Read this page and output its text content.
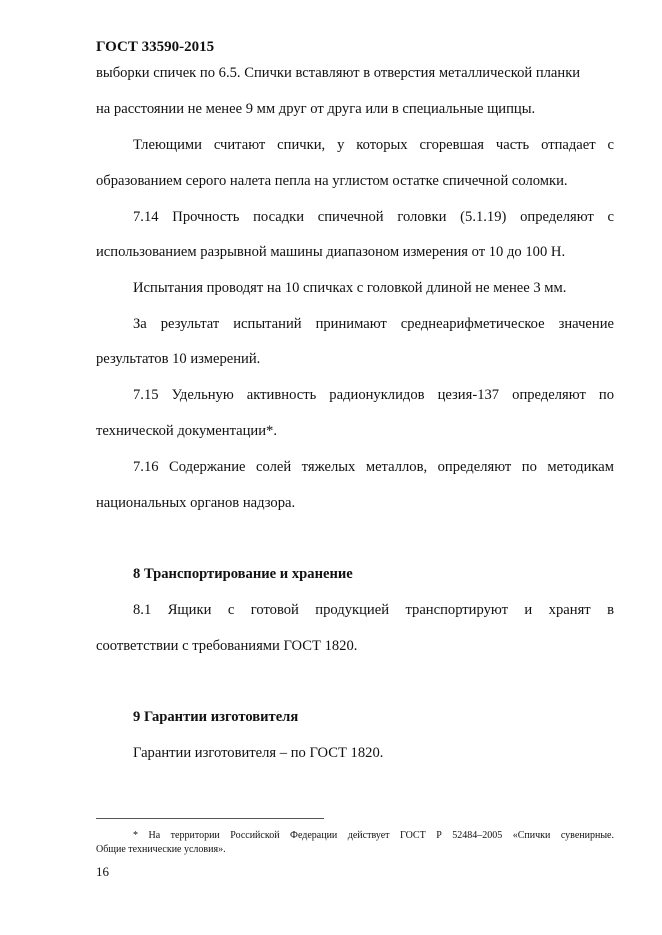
ГОСТ 33590-2015
выборки спичек по 6.5. Спички вставляют в отверстия металлической планки
на расстоянии не менее 9 мм друг от друга или в специальные щипцы.
Тлеющими считают спички, у которых сгоревшая часть отпадает с
образованием серого налета пепла на углистом остатке спичечной соломки.
7.14 Прочность посадки спичечной головки (5.1.19) определяют с
использованием разрывной машины диапазоном измерения от 10 до 100 Н.
Испытания проводят на 10 спичках с головкой длиной не менее 3 мм.
За результат испытаний принимают среднеарифметическое значение
результатов 10 измерений.
7.15 Удельную активность радионуклидов цезия-137 определяют по
технической документации*.
7.16 Содержание солей тяжелых металлов, определяют по методикам
национальных органов надзора.
8 Транспортирование и хранение
8.1 Ящики с готовой продукцией транспортируют и хранят в
соответствии с требованиями ГОСТ 1820.
9 Гарантии изготовителя
Гарантии изготовителя – по ГОСТ 1820.
* На территории Российской Федерации действует ГОСТ Р 52484–2005 «Спички сувенирные.
Общие технические условия».
16
